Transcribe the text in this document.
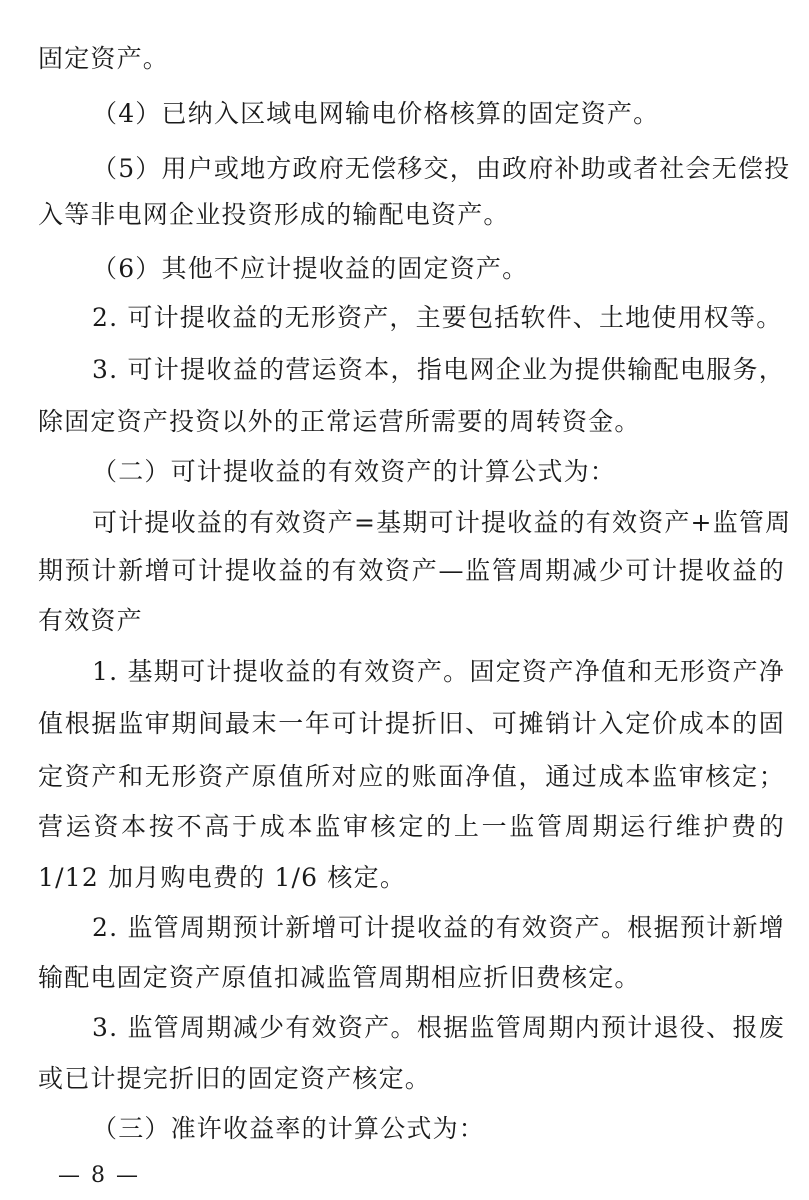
固定资产。
（4）已纳入区域电网输电价格核算的固定资产。
（5）用户或地方政府无偿移交，由政府补助或者社会无偿投
入等非电网企业投资形成的输配电资产。
（6）其他不应计提收益的固定资产。
2. 可计提收益的无形资产，主要包括软件、土地使用权等。
3. 可计提收益的营运资本，指电网企业为提供输配电服务，
除固定资产投资以外的正常运营所需要的周转资金。
（二）可计提收益的有效资产的计算公式为：
可计提收益的有效资产=基期可计提收益的有效资产+监管周
期预计新增可计提收益的有效资产—监管周期减少可计提收益的
有效资产
1. 基期可计提收益的有效资产。固定资产净值和无形资产净
值根据监审期间最末一年可计提折旧、可摊销计入定价成本的固
定资产和无形资产原值所对应的账面净值，通过成本监审核定；
营运资本按不高于成本监审核定的上一监管周期运行维护费的
1/12 加月购电费的 1/6 核定。
2. 监管周期预计新增可计提收益的有效资产。根据预计新增
输配电固定资产原值扣减监管周期相应折旧费核定。
3. 监管周期减少有效资产。根据监管周期内预计退役、报废
或已计提完折旧的固定资产核定。
（三）准许收益率的计算公式为：
— 8 —
